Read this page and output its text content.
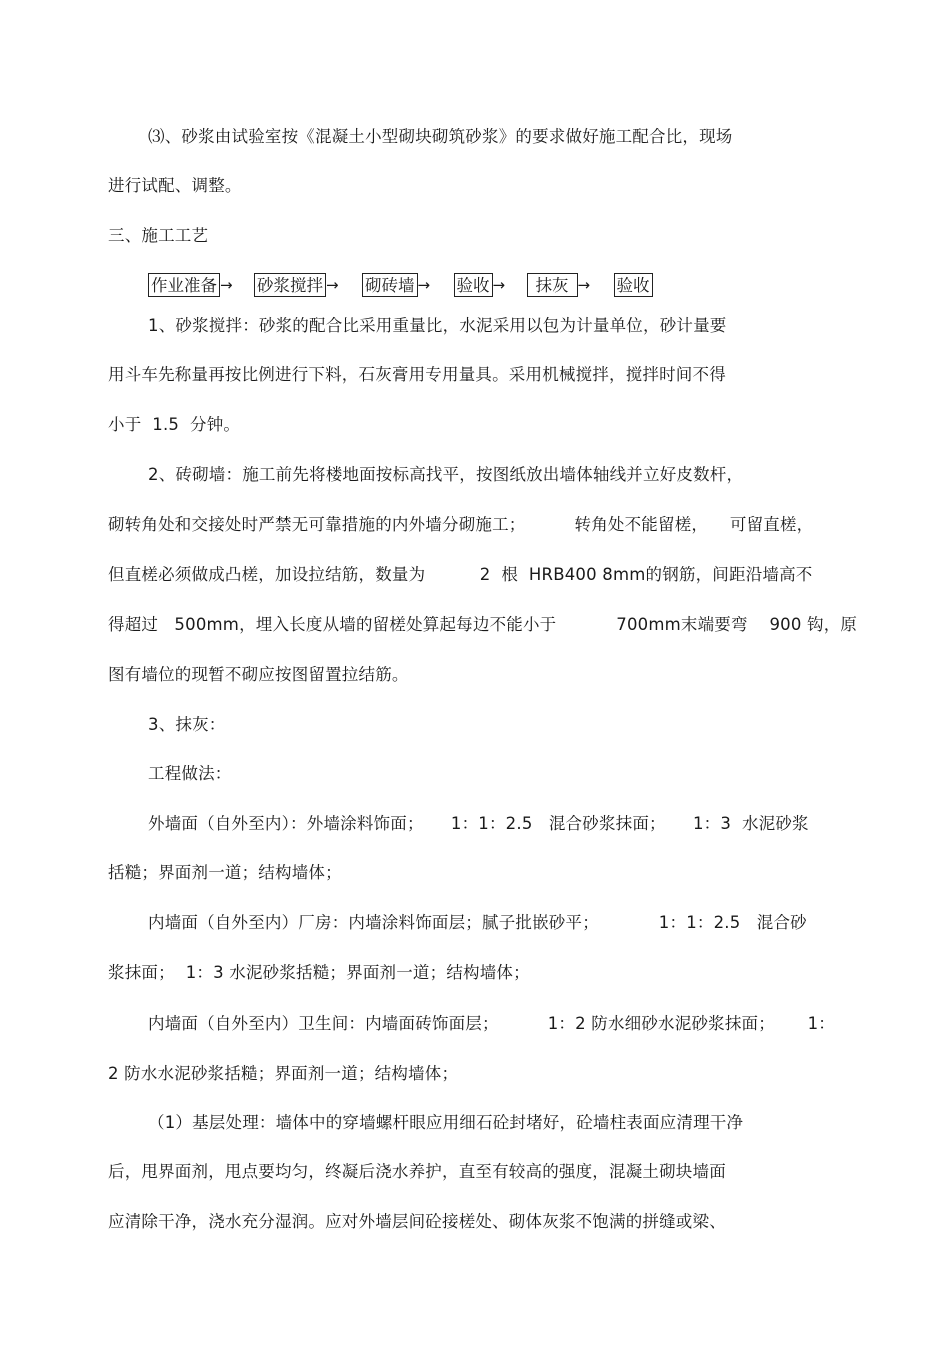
⑶、砂浆由试验室按《混凝土小型砌块砌筑砂浆》的要求做好施工配合比，现场
进行试配、调整。
三、施工工艺
作业准备 →	砂浆搅拌 →	砌砖墙 →	验收 →	抹灰 →	验收
1、砂浆搅拌：砂浆的配合比采用重量比，水泥采用以包为计量单位，砂计量要
用斗车先称量再按比例进行下料，石灰膏用专用量具。采用机械搅拌，搅拌时间不得
小于  1.5  分钟。
2、砖砌墙：施工前先将楼地面按标高找平，按图纸放出墙体轴线并立好皮数杆，
砌转角处和交接处时严禁无可靠措施的内外墙分砌施工；         转角处不能留槎，    可留直槎，
但直槎必须做成凸槎，加设拉结筋，数量为          2  根  HRB400 8mm的钢筋，间距沿墙高不
得超过   500mm，埋入长度从墙的留槎处算起每边不能小于           700mm末端要弯    900 钩，原
图有墙位的现暂不砌应按图留置拉结筋。
3、抹灰：
工程做法：
外墙面（自外至内）：外墙涂料饰面；     1：1：2.5   混合砂浆抹面；     1：3  水泥砂浆
括糙；界面剂一道；结构墙体；
内墙面（自外至内）厂房：内墙涂料饰面层；腻子批嵌砂平；           1：1：2.5   混合砂
浆抹面；  1：3 水泥砂浆括糙；界面剂一道；结构墙体；
内墙面（自外至内）卫生间：内墙面砖饰面层；         1：2 防水细砂水泥砂浆抹面；      1：
2 防水水泥砂浆括糙；界面剂一道；结构墙体；
（1）基层处理：墙体中的穿墙螺杆眼应用细石砼封堵好，砼墙柱表面应清理干净
后，甩界面剂，甩点要均匀，终凝后浇水养护，直至有较高的强度，混凝土砌块墙面
应清除干净，浇水充分湿润。应对外墙层间砼接槎处、砌体灰浆不饱满的拼缝或梁、
